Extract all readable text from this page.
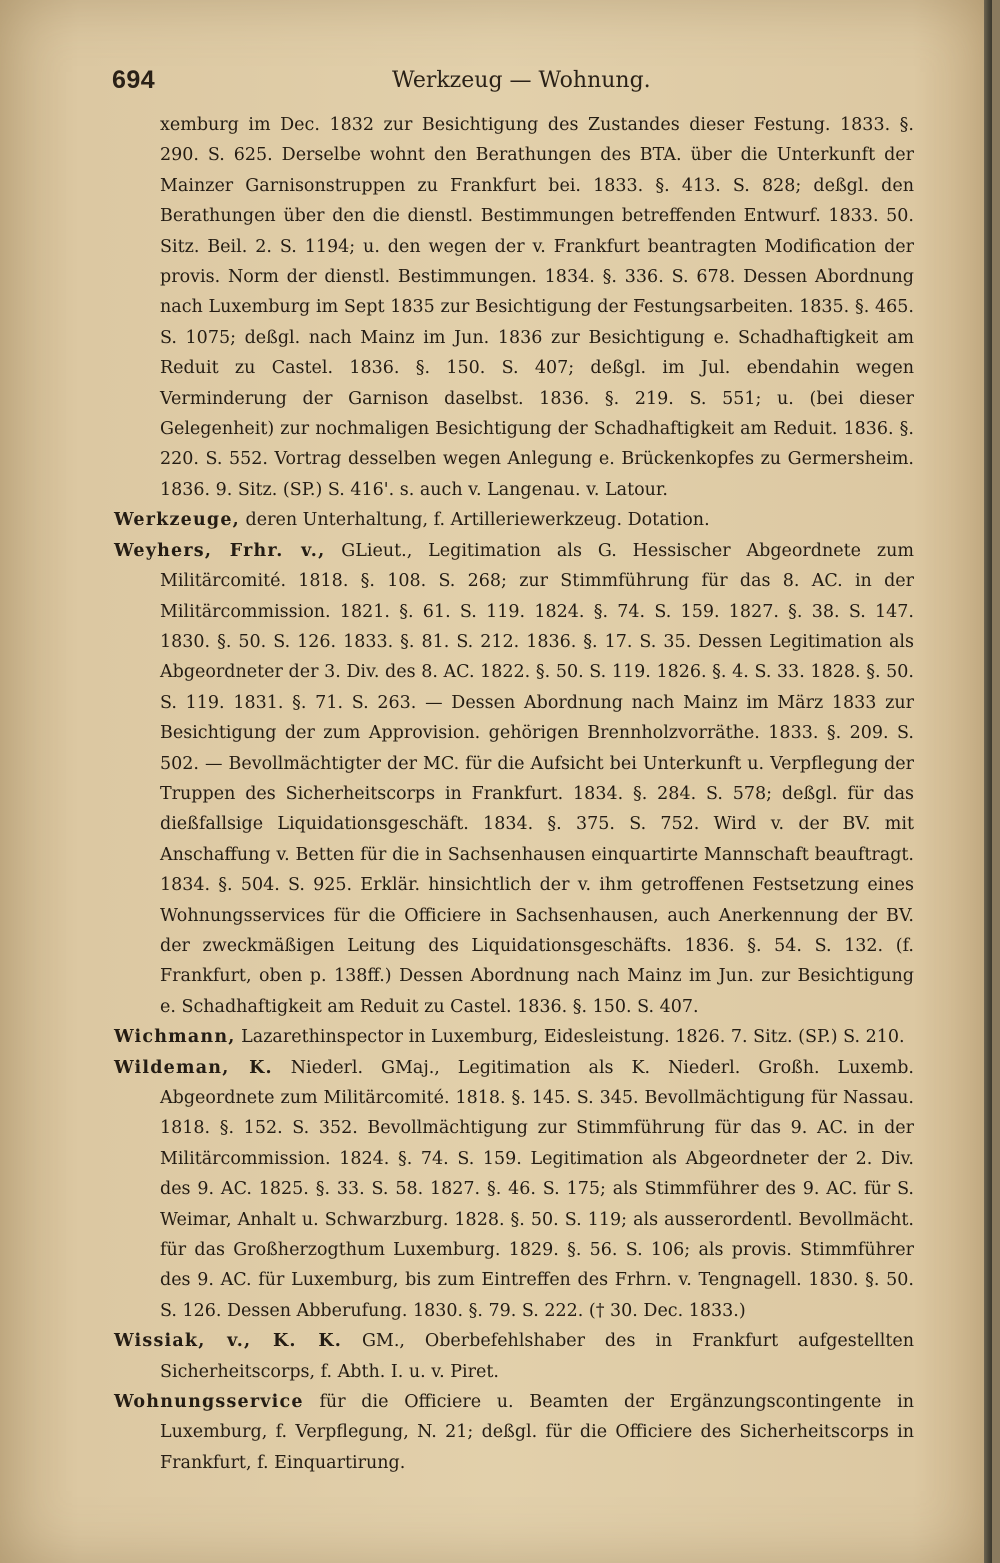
694	Werkzeug — Wohnung.

xemburg im Dec. 1832 zur Besichtigung des Zustandes dieser Festung. 1833. §. 290. S. 625. Derselbe wohnt den Berathungen des BTA. über die Unterkunft der Mainzer Garnisonstruppen zu Frankfurt bei. 1833. §. 413. S. 828; deßgl. den Berathungen über den die dienstl. Bestimmungen betreffenden Entwurf. 1833. 50. Sitz. Beil. 2. S. 1194; u. den wegen der v. Frankfurt beantragten Modification der provis. Norm der dienstl. Bestimmungen. 1834. §. 336. S. 678. Dessen Abordnung nach Luxemburg im Sept 1835 zur Besichtigung der Festungsarbeiten. 1835. §. 465. S. 1075; deßgl. nach Mainz im Jun. 1836 zur Besichtigung e. Schadhaftigkeit am Reduit zu Castel. 1836. §. 150. S. 407; deßgl. im Jul. ebendahin wegen Verminderung der Garnison daselbst. 1836. §. 219. S. 551; u. (bei dieser Gelegenheit) zur nochmaligen Besichtigung der Schadhaftigkeit am Reduit. 1836. §. 220. S. 552. Vortrag desselben wegen Anlegung e. Brückenkopfes zu Germersheim. 1836. 9. Sitz. (SP.) S. 416'. s. auch v. Langenau. v. Latour.

Werkzeuge, deren Unterhaltung, f. Artilleriewerkzeug. Dotation.

Weyhers, Frhr. v., GLieut., Legitimation als G. Hessischer Abgeordnete zum Militärcomité. 1818. §. 108. S. 268; zur Stimmführung für das 8. AC. in der Militärcommission. 1821. §. 61. S. 119. 1824. §. 74. S. 159. 1827. §. 38. S. 147. 1830. §. 50. S. 126. 1833. §. 81. S. 212. 1836. §. 17. S. 35. Dessen Legitimation als Abgeordneter der 3. Div. des 8. AC. 1822. §. 50. S. 119. 1826. §. 4. S. 33. 1828. §. 50. S. 119. 1831. §. 71. S. 263. — Dessen Abordnung nach Mainz im März 1833 zur Besichtigung der zum Approvision. gehörigen Brennholzvorräthe. 1833. §. 209. S. 502. — Bevollmächtigter der MC. für die Aufsicht bei Unterkunft u. Verpflegung der Truppen des Sicherheitscorps in Frankfurt. 1834. §. 284. S. 578; deßgl. für das dießfallsige Liquidationsgeschäft. 1834. §. 375. S. 752. Wird v. der BV. mit Anschaffung v. Betten für die in Sachsenhausen einquartirte Mannschaft beauftragt. 1834. §. 504. S. 925. Erklär. hinsichtlich der v. ihm getroffenen Festsetzung eines Wohnungsservices für die Officiere in Sachsenhausen, auch Anerkennung der BV. der zweckmäßigen Leitung des Liquidationsgeschäfts. 1836. §. 54. S. 132. (f. Frankfurt, oben p. 138ff.) Dessen Abordnung nach Mainz im Jun. zur Besichtigung e. Schadhaftigkeit am Reduit zu Castel. 1836. §. 150. S. 407.

Wichmann, Lazarethinspector in Luxemburg, Eidesleistung. 1826. 7. Sitz. (SP.) S. 210.

Wildeman, K. Niederl. GMaj., Legitimation als K. Niederl. Großh. Luxemb. Abgeordnete zum Militärcomité. 1818. §. 145. S. 345. Bevollmächtigung für Nassau. 1818. §. 152. S. 352. Bevollmächtigung zur Stimmführung für das 9. AC. in der Militärcommission. 1824. §. 74. S. 159. Legitimation als Abgeordneter der 2. Div. des 9. AC. 1825. §. 33. S. 58. 1827. §. 46. S. 175; als Stimmführer des 9. AC. für S. Weimar, Anhalt u. Schwarzburg. 1828. §. 50. S. 119; als ausserordentl. Bevollmächt. für das Großherzogthum Luxemburg. 1829. §. 56. S. 106; als provis. Stimmführer des 9. AC. für Luxemburg, bis zum Eintreffen des Frhrn. v. Tengnagell. 1830. §. 50. S. 126. Dessen Abberufung. 1830. §. 79. S. 222. († 30. Dec. 1833.)

Wissiak, v., K. K. GM., Oberbefehlshaber des in Frankfurt aufgestellten Sicherheitscorps, f. Abth. I. u. v. Piret.

Wohnungsservice für die Officiere u. Beamten der Ergänzungscontingente in Luxemburg, f. Verpflegung, N. 21; deßgl. für die Officiere des Sicherheitscorps in Frankfurt, f. Einquartirung.
